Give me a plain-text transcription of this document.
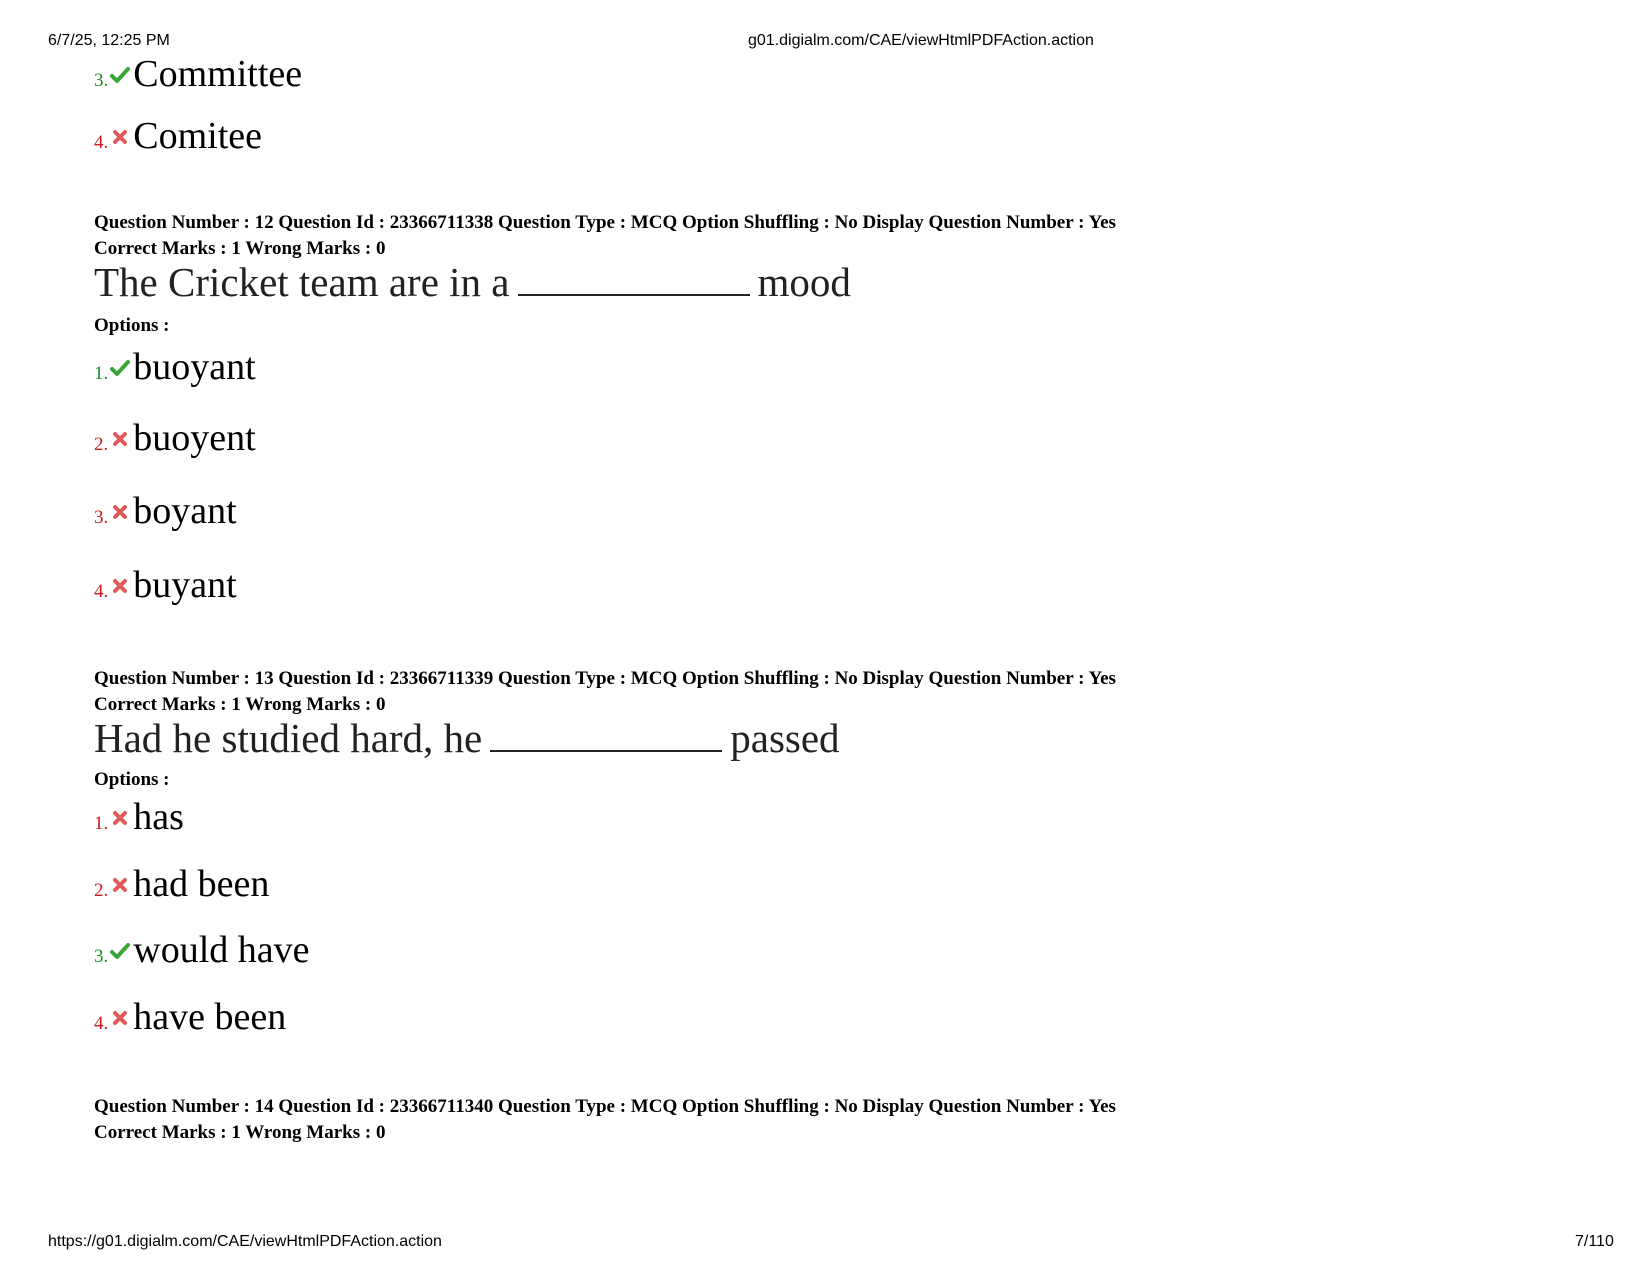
6/7/25, 12:25 PM	g01.digialm.com/CAE/viewHtmlPDFAction.action
3. Committee
4. Comitee
Question Number : 12 Question Id : 23366711338 Question Type : MCQ Option Shuffling : No Display Question Number : Yes
Correct Marks : 1 Wrong Marks : 0
The Cricket team are in a	mood
Options :
1. buoyant
2. buoyent
3. boyant
4. buyant
Question Number : 13 Question Id : 23366711339 Question Type : MCQ Option Shuffling : No Display Question Number : Yes
Correct Marks : 1 Wrong Marks : 0
Had he studied hard, he	passed
Options :
1. has
2. had been
3. would have
4. have been
Question Number : 14 Question Id : 23366711340 Question Type : MCQ Option Shuffling : No Display Question Number : Yes
Correct Marks : 1 Wrong Marks : 0
https://g01.digialm.com/CAE/viewHtmlPDFAction.action	7/110
